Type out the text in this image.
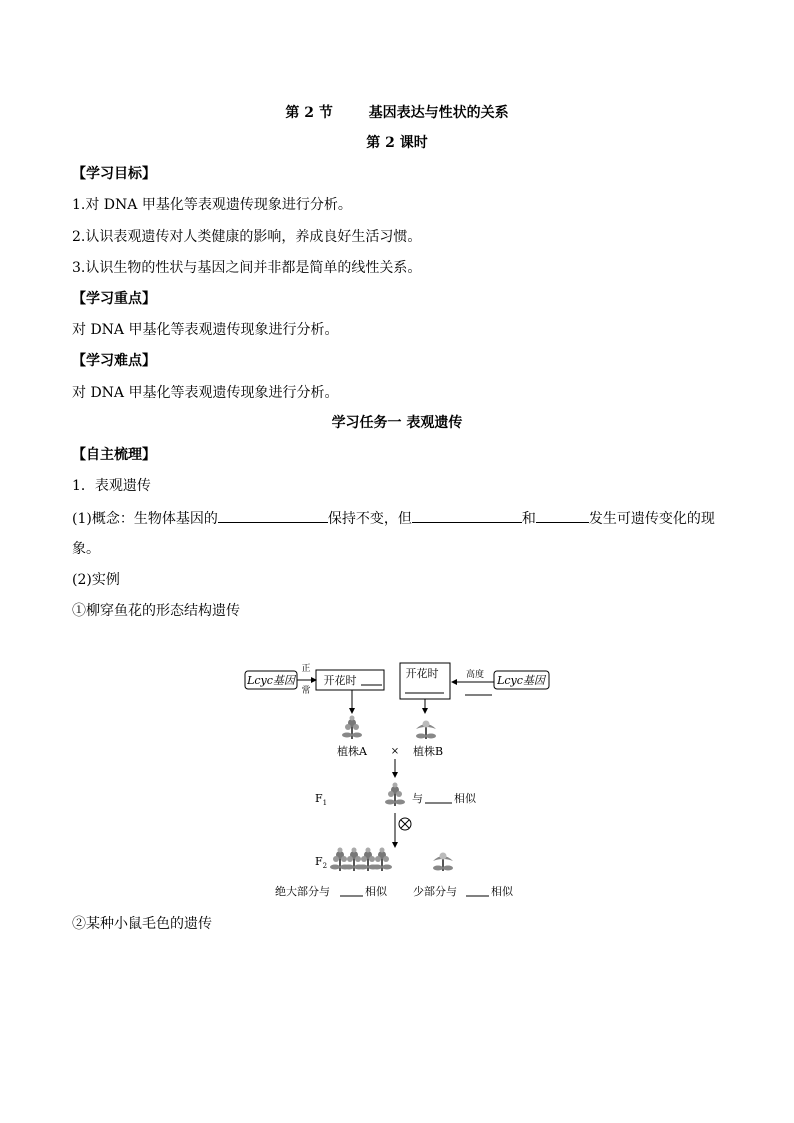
第 2 节	基因表达与性状的关系
第 2 课时
【学习目标】
1.对 DNA 甲基化等表观遗传现象进行分析。
2.认识表观遗传对人类健康的影响，养成良好生活习惯。
3.认识生物的性状与基因之间并非都是简单的线性关系。
【学习重点】
对 DNA 甲基化等表观遗传现象进行分析。
【学习难点】
对 DNA 甲基化等表观遗传现象进行分析。
学习任务一 表观遗传
【自主梳理】
1．表观遗传
(1)概念：生物体基因的	保持不变，但	和	发生可遗传变化的现
象。
(2)实例
①柳穿鱼花的形态结构遗传
Lcyc基因
正
常
开花时
开花时	高度 Lcyc基因
植株A × 植株B
$F_1$	与	相似
$F_2$
绝大部分与	相似 少部分与	相似
②某种小鼠毛色的遗传
